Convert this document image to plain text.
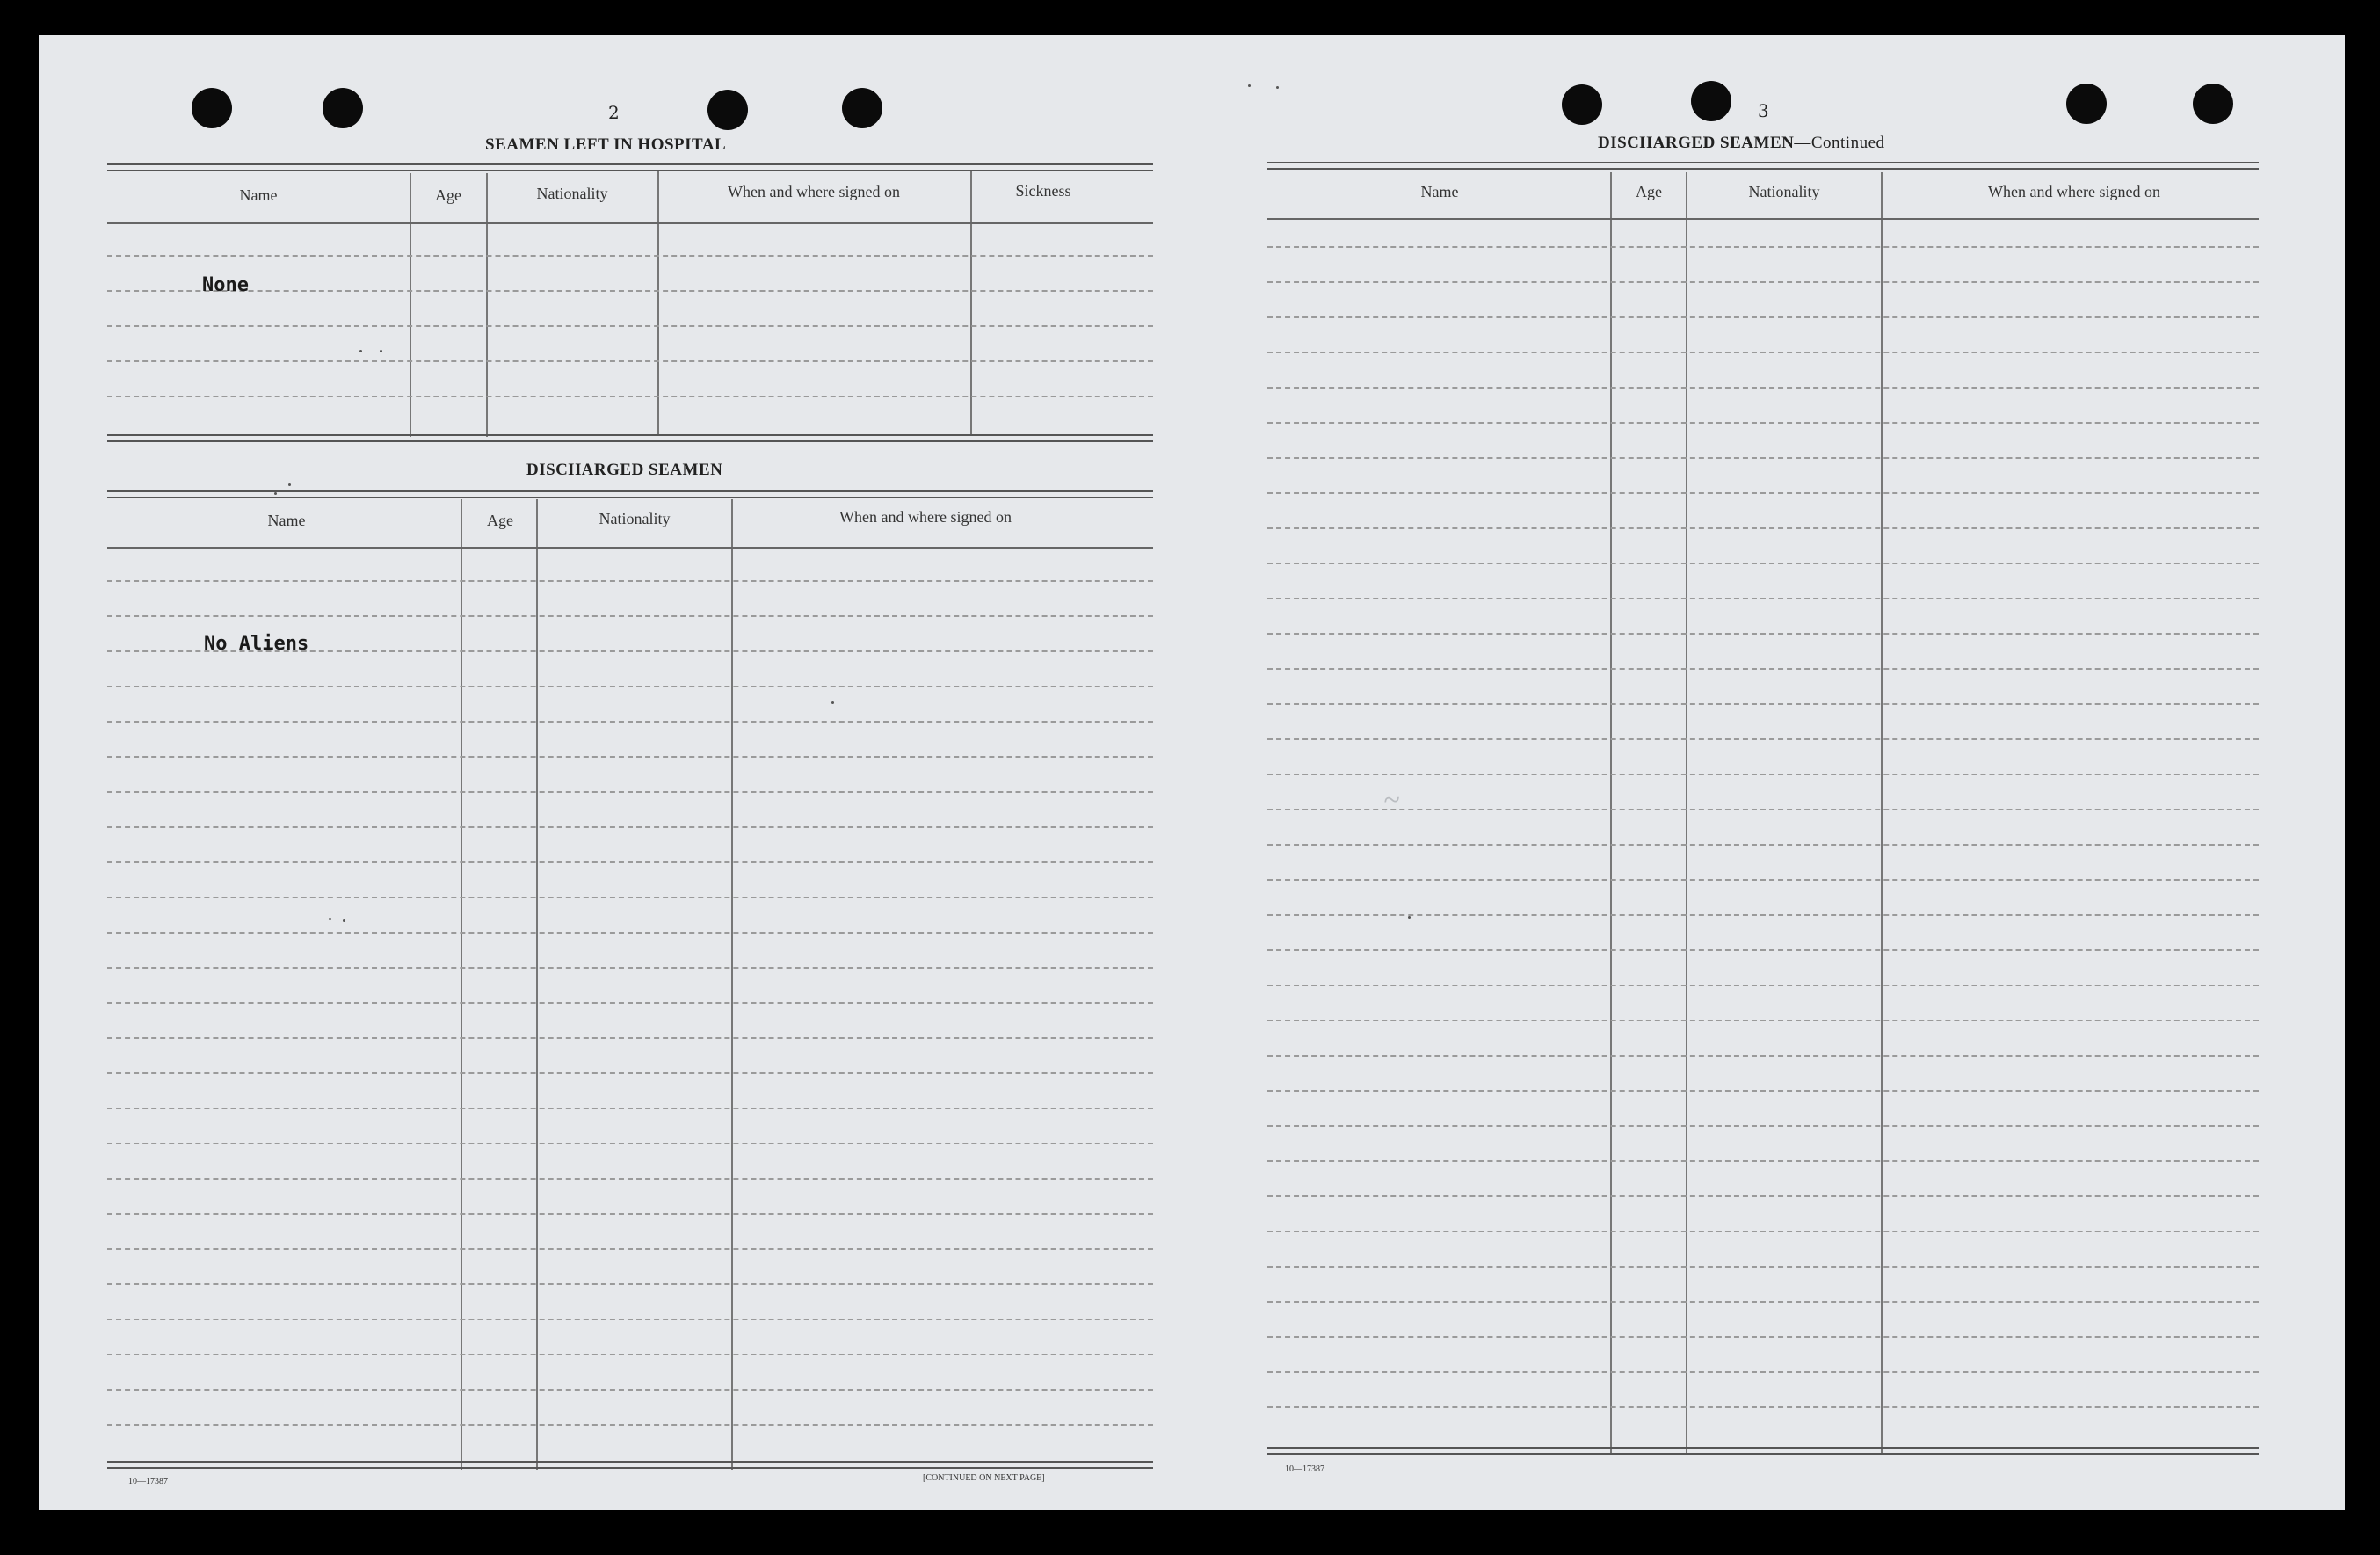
2
SEAMEN LEFT IN HOSPITAL
Name	Age	Nationality	When and where signed on	Sickness
None
DISCHARGED SEAMEN
Name	Age	Nationality	When and where signed on
No Aliens
10—17387	[CONTINUED ON NEXT PAGE]
3
DISCHARGED SEAMEN—Continued
Name	Age	Nationality	When and where signed on
~
10—17387
